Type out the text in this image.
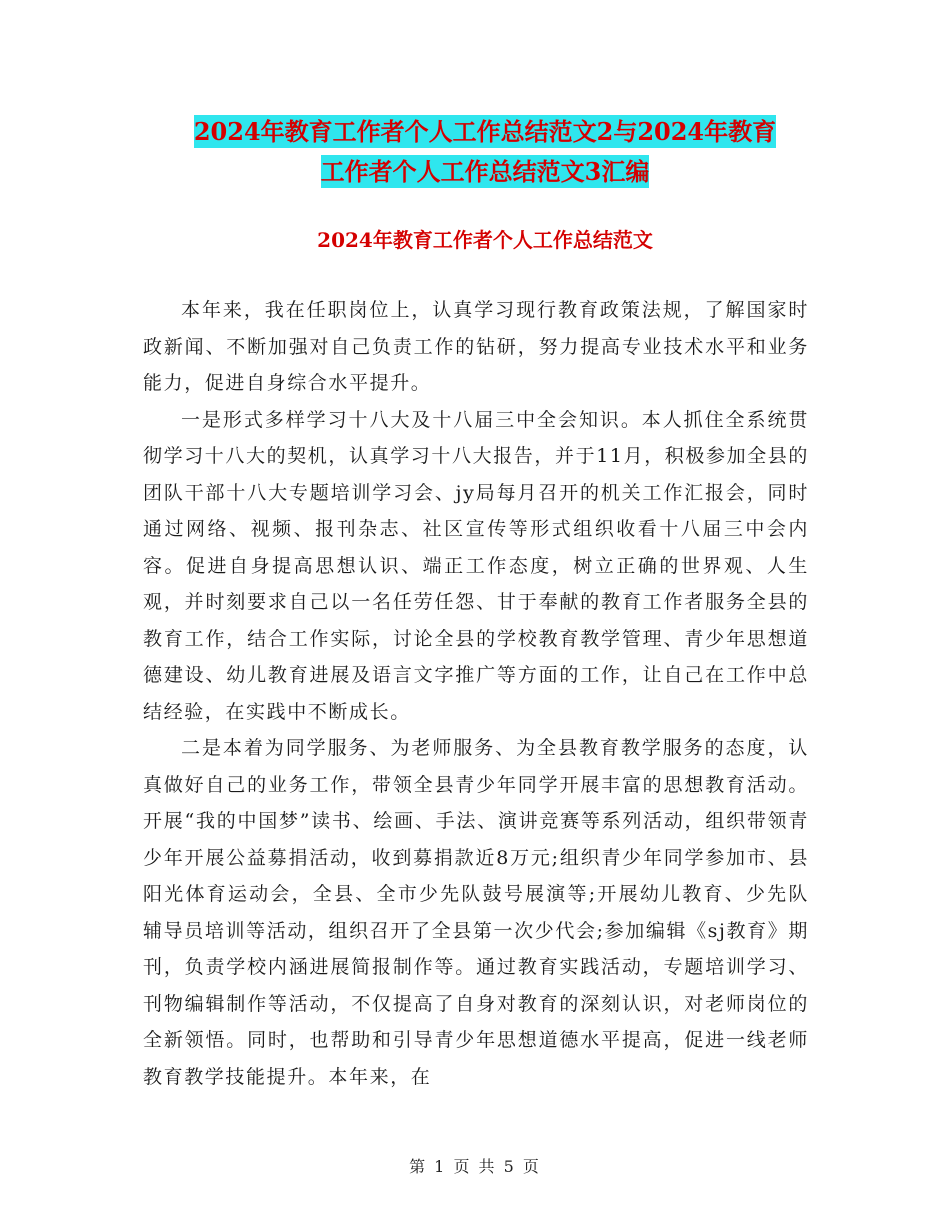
2024年教育工作者个人工作总结范文2与2024年教育
工作者个人工作总结范文3汇编
2024年教育工作者个人工作总结范文

本年来，我在任职岗位上，认真学习现行教育政策法规，了解国家时政新闻、不断加强对自己负责工作的钻研，努力提高专业技术水平和业务能力，促进自身综合水平提升。

一是形式多样学习十八大及十八届三中全会知识。本人抓住全系统贯彻学习十八大的契机，认真学习十八大报告，并于11月，积极参加全县的团队干部十八大专题培训学习会、jy局每月召开的机关工作汇报会，同时通过网络、视频、报刊杂志、社区宣传等形式组织收看十八届三中会内容。促进自身提高思想认识、端正工作态度，树立正确的世界观、人生观，并时刻要求自己以一名任劳任怨、甘于奉献的教育工作者服务全县的教育工作，结合工作实际，讨论全县的学校教育教学管理、青少年思想道德建设、幼儿教育进展及语言文字推广等方面的工作，让自己在工作中总结经验，在实践中不断成长。

二是本着为同学服务、为老师服务、为全县教育教学服务的态度，认真做好自己的业务工作，带领全县青少年同学开展丰富的思想教育活动。开展“我的中国梦”读书、绘画、手法、演讲竞赛等系列活动，组织带领青少年开展公益募捐活动，收到募捐款近8万元;组织青少年同学参加市、县阳光体育运动会，全县、全市少先队鼓号展演等;开展幼儿教育、少先队辅导员培训等活动，组织召开了全县第一次少代会;参加编辑《sj教育》期刊，负责学校内涵进展简报制作等。通过教育实践活动，专题培训学习、刊物编辑制作等活动，不仅提高了自身对教育的深刻认识，对老师岗位的全新领悟。同时，也帮助和引导青少年思想道德水平提高，促进一线老师教育教学技能提升。本年来，在

第 1 页 共 5 页
